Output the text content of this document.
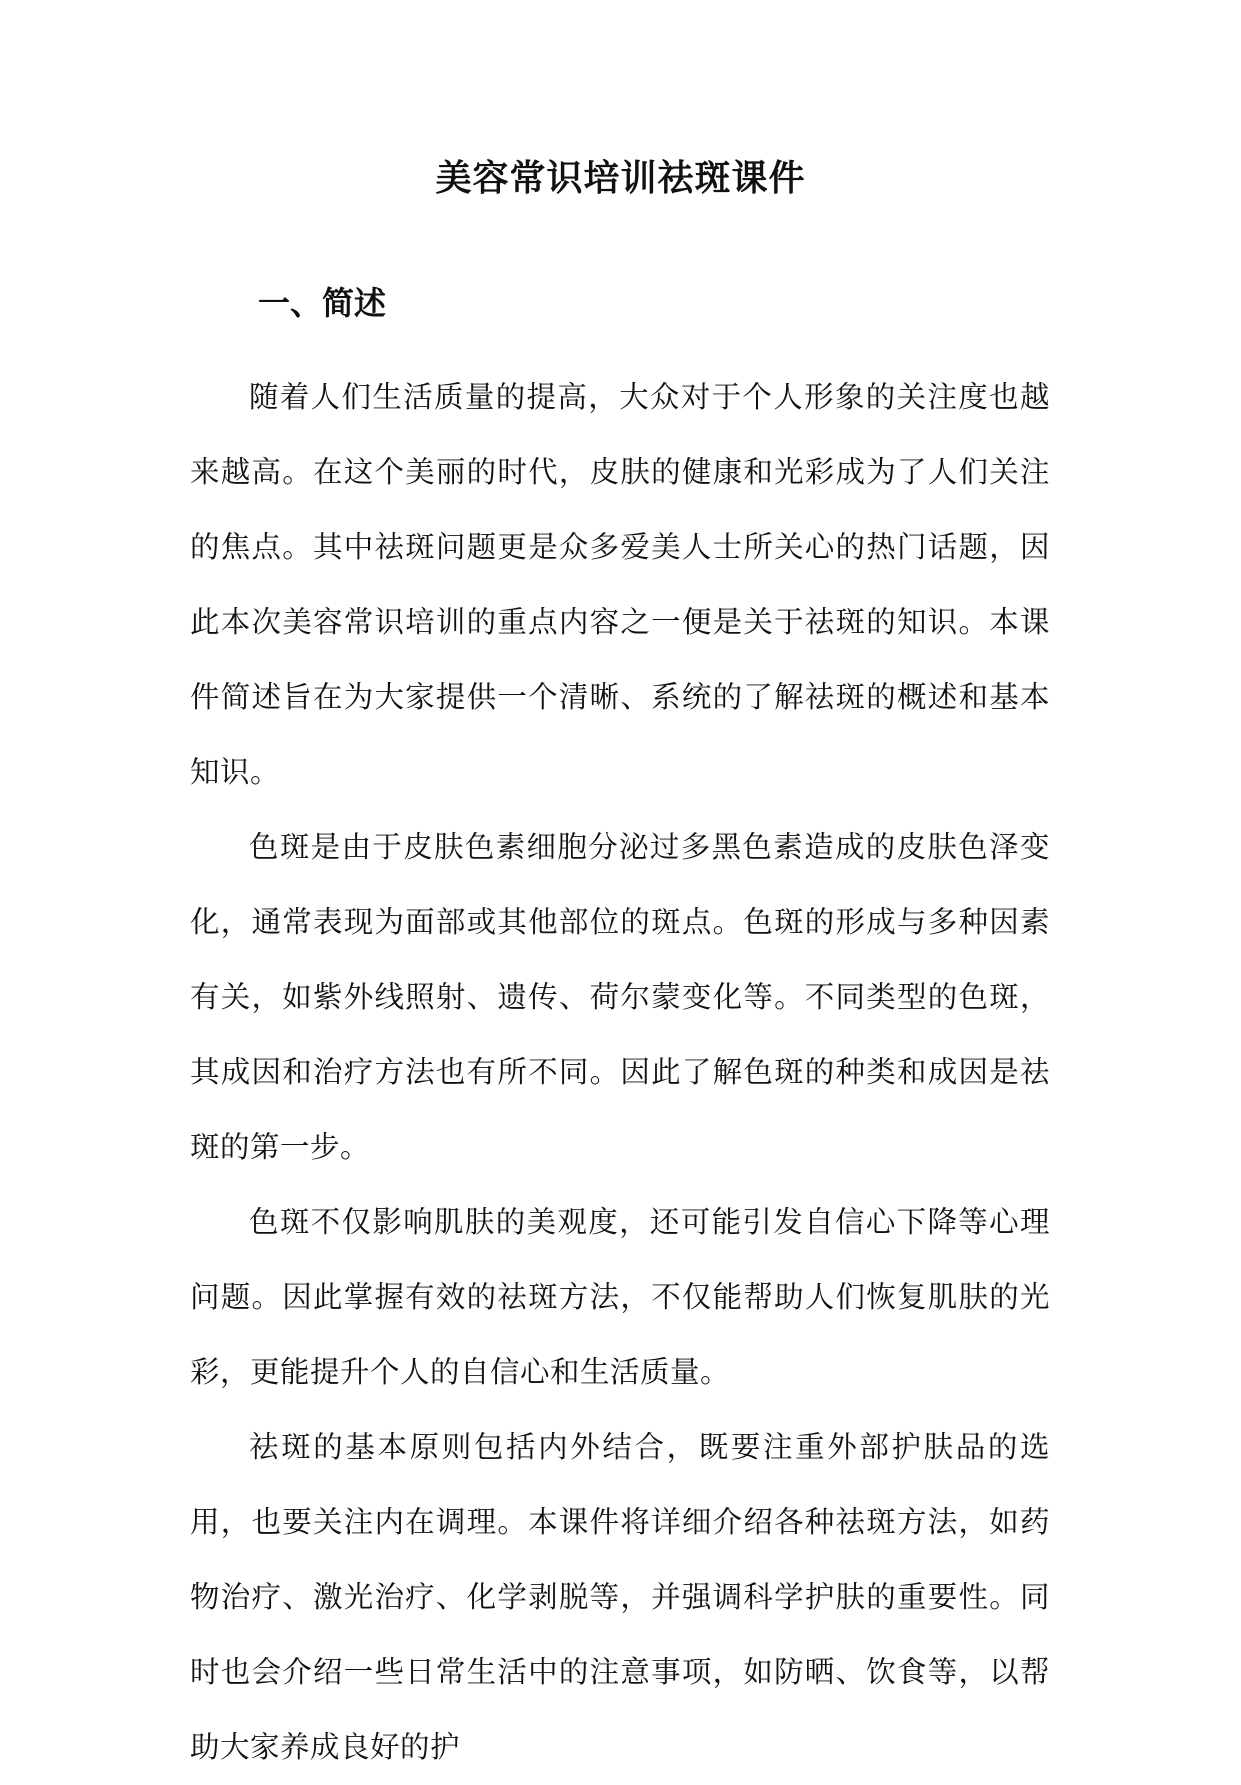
美容常识培训祛斑课件
一、简述

随着人们生活质量的提高，大众对于个人形象的关注度也越来越高。在这个美丽的时代，皮肤的健康和光彩成为了人们关注的焦点。其中祛斑问题更是众多爱美人士所关心的热门话题，因此本次美容常识培训的重点内容之一便是关于祛斑的知识。本课件简述旨在为大家提供一个清晰、系统的了解祛斑的概述和基本知识。

色斑是由于皮肤色素细胞分泌过多黑色素造成的皮肤色泽变化，通常表现为面部或其他部位的斑点。色斑的形成与多种因素有关，如紫外线照射、遗传、荷尔蒙变化等。不同类型的色斑，其成因和治疗方法也有所不同。因此了解色斑的种类和成因是祛斑的第一步。

色斑不仅影响肌肤的美观度，还可能引发自信心下降等心理问题。因此掌握有效的祛斑方法，不仅能帮助人们恢复肌肤的光彩，更能提升个人的自信心和生活质量。

祛斑的基本原则包括内外结合，既要注重外部护肤品的选用，也要关注内在调理。本课件将详细介绍各种祛斑方法，如药物治疗、激光治疗、化学剥脱等，并强调科学护肤的重要性。同时也会介绍一些日常生活中的注意事项，如防晒、饮食等，以帮助大家养成良好的护
